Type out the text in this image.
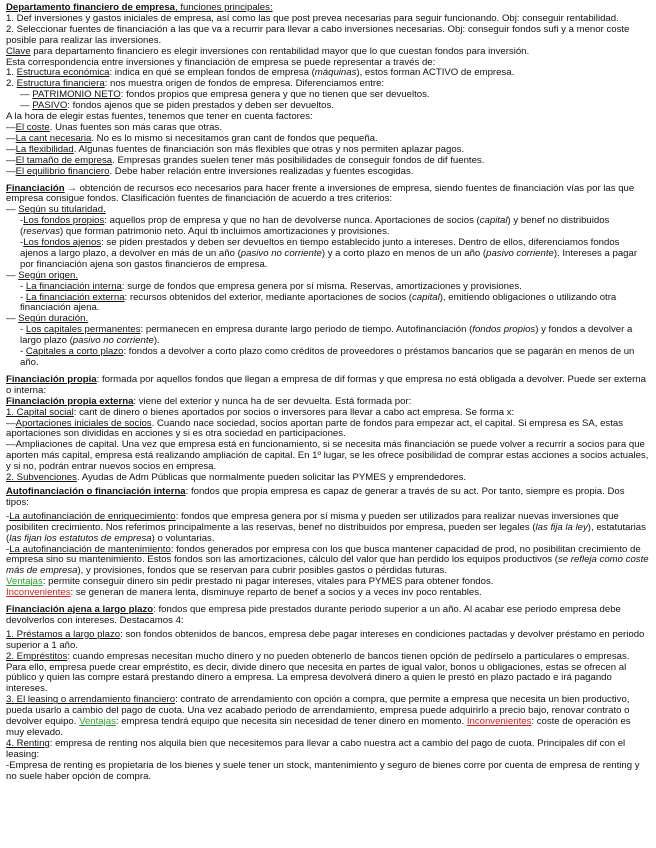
Departamento financiero de empresa, funciones principales:

1. Def inversiones y gastos iniciales de empresa, así como las que post prevea necesarias para seguir funcionando. Obj: conseguir rentabilidad.

2. Seleccionar fuentes de financiación a las que va a recurrir para llevar a cabo inversiones necesarias. Obj: conseguir fondos sufi y a menor coste posible para realizar las inversiones.

Clave para departamento financiero es elegir inversiones con rentabilidad mayor que lo que cuestan fondos para inversión.

Esta correspondencia entre inversiones y financiación de empresa se puede representar a través de:

1. Estructura económica: indica en qué se emplean fondos de empresa (máquinas), estos forman ACTIVO de empresa.

2. Estructura financiera: nos muestra origen de fondos de empresa. Diferenciamos entre:

— PATRIMONIO NETO: fondos propios que empresa genera y que no tienen que ser devueltos.

— PASIVO: fondos ajenos que se piden prestados y deben ser devueltos.

A la hora de elegir estas fuentes, tenemos que tener en cuenta factores:

—El coste. Unas fuentes son más caras que otras.

—La cant necesaria. No es lo mismo si necesitamos gran cant de fondos que pequeña.

—La flexibilidad. Algunas fuentes de financiación son más flexibles que otras y nos permiten aplazar pagos.

—El tamaño de empresa. Empresas grandes suelen tener más posibilidades de conseguir fondos de dif fuentes.

—El equilibrio financiero. Debe haber relación entre inversiones realizadas y fuentes escogidas.

Financiación → obtención de recursos eco necesarios para hacer frente a inversiones de empresa, siendo fuentes de financiación vías por las que empresa consigue fondos. Clasificación fuentes de financiación de acuerdo a tres criterios:

— Según su titularidad.

-Los fondos propios: aquellos prop de empresa y que no han de devolverse nunca. Aportaciones de socios (capital) y benef no distribuidos (reservas) que forman patrimonio neto. Aquí tb incluimos amortizaciones y provisiones.

-Los fondos ajenos: se piden prestados y deben ser devueltos en tiempo establecido junto a intereses. Dentro de ellos, diferenciamos fondos ajenos a largo plazo, a devolver en más de un año (pasivo no corriente) y a corto plazo en menos de un año (pasivo corriente). Intereses a pagar por financiación ajena son gastos financieros de empresa.

— Según origen.

- La financiación interna: surge de fondos que empresa genera por sí misma. Reservas, amortizaciones y provisiones.

- La financiación externa: recursos obtenidos del exterior, mediante aportaciones de socios (capital), emitiendo obligaciones o utilizando otra financiación ajena.

— Según duración.

- Los capitales permanentes: permanecen en empresa durante largo periodo de tiempo. Autofinanciación (fondos propios) y fondos a devolver a largo plazo (pasivo no corriente).

- Capitales a corto plazo: fondos a devolver a corto plazo como créditos de proveedores o préstamos bancarios que se pagarán en menos de un año.

Financiación propia: formada por aquellos fondos que llegan a empresa de dif formas y que empresa no está obligada a devolver. Puede ser externa o interna:

Financiación propia externa: viene del exterior y nunca ha de ser devuelta. Está formada por:

1. Capital social: cant de dinero o bienes aportados por socios o inversores para llevar a cabo act empresa. Se forma x:

—Aportaciones iniciales de socios. Cuando nace sociedad, socios aportan parte de fondos para empezar act, el capital. Si empresa es SA, estas aportaciones son divididas en acciones y si es otra sociedad en participaciones.

—Ampliaciones de capital. Una vez que empresa está en funcionamiento, si se necesita más financiación se puede volver a recurrir a socios para que aporten más capital, empresa está realizando ampliación de capital. En 1º lugar, se les ofrece posibilidad de comprar estas acciones a socios actuales, y si no, podrán entrar nuevos socios en empresa.

2. Subvenciones. Ayudas de Adm Públicas que normalmente pueden solicitar las PYMES y emprendedores.

Autofinanciación o financiación interna: fondos que propia empresa es capaz de generar a través de su act. Por tanto, siempre es propia. Dos tipos:

-La autofinanciación de enriquecimiento: fondos que empresa genera por sí misma y pueden ser utilizados para realizar nuevas inversiones que posibiliten crecimiento. Nos referimos principalmente a las reservas, benef no distribuidos por empresa, pueden ser legales (las fija la ley), estatutarias (las fijan los estatutos de empresa) o voluntarias.

-La autofinanciación de mantenimiento: fondos generados por empresa con los que busca mantener capacidad de prod, no posibilitan crecimiento de empresa sino su mantenimiento. Estos fondos son las amortizaciones, cálculo del valor que han perdido los equipos productivos (se refleja como coste más de empresa), y provisiones, fondos que se reservan para cubrir posibles gastos o pérdidas futuras.

Ventajas: permite conseguir dinero sin pedir prestado ni pagar intereses, vitales para PYMES para obtener fondos.

Inconvenientes: se generan de manera lenta, disminuye reparto de benef a socios y a veces inv poco rentables.

Financiación ajena a largo plazo: fondos que empresa pide prestados durante periodo superior a un año. Al acabar ese periodo empresa debe devolverlos con intereses. Destacamos 4:

1. Préstamos a largo plazo: son fondos obtenidos de bancos, empresa debe pagar intereses en condiciones pactadas y devolver préstamo en periodo superior a 1 año.

2. Empréstitos: cuando empresas necesitan mucho dinero y no pueden obtenerlo de bancos tienen opción de pedírselo a particulares o empresas. Para ello, empresa puede crear empréstito, es decir, divide dinero que necesita en partes de igual valor, bonos u obligaciones, estas se ofrecen al público y quien las compre estará prestando dinero a empresa. La empresa devolverá dinero a quien le prestó en plazo pactado e irá pagando intereses.

3. El leasing o arrendamiento financiero: contrato de arrendamiento con opción a compra, que permite a empresa que necesita un bien productivo, pueda usarlo a cambio del pago de cuota. Una vez acabado periodo de arrendamiento, empresa puede adquirirlo a precio bajo, renovar contrato o devolver equipo. Ventajas: empresa tendrá equipo que necesita sin necesidad de tener dinero en momento. Inconvenientes: coste de operación es muy elevado.

4. Renting: empresa de renting nos alquila bien que necesitemos para llevar a cabo nuestra act a cambio del pago de cuota. Principales dif con el leasing:

-Empresa de renting es propietaria de los bienes y suele tener un stock, mantenimiento y seguro de bienes corre por cuenta de empresa de renting y no suele haber opción de compra.
